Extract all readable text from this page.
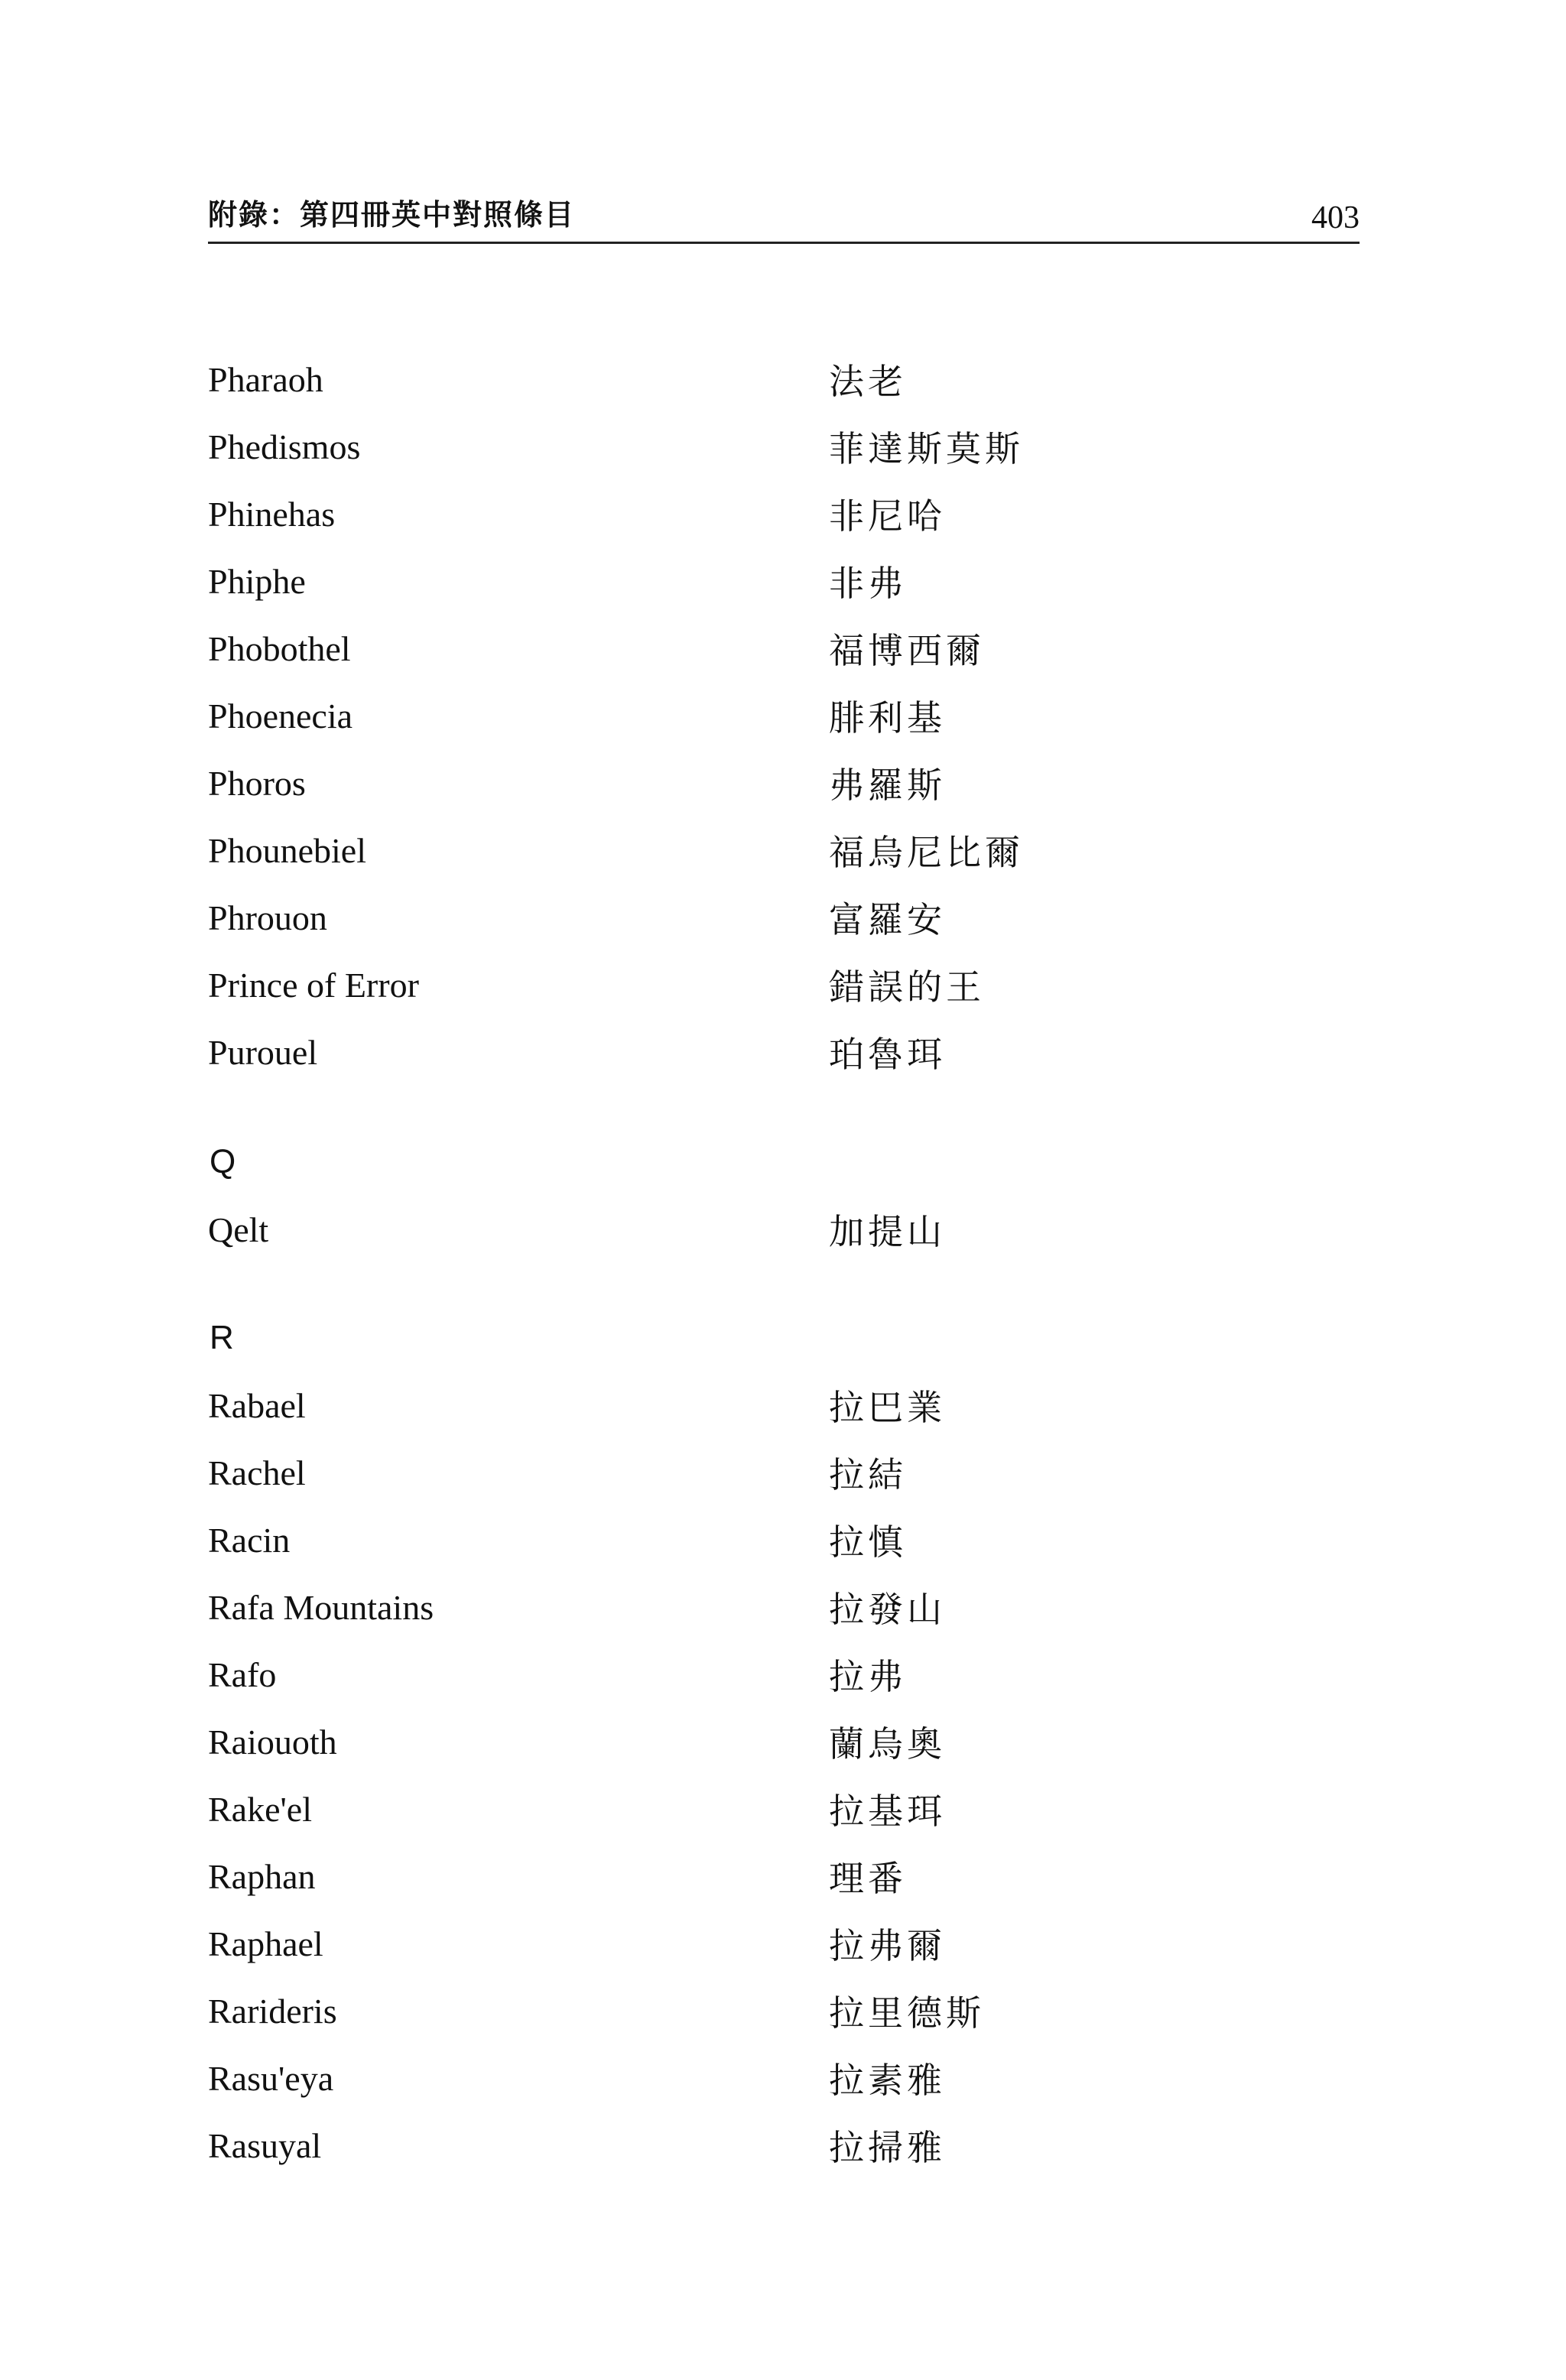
附錄：第四冊英中對照條目	403
Pharaoh	法老
Phedismos	菲達斯莫斯
Phinehas	非尼哈
Phiphe	非弗
Phobothel	福博西爾
Phoenecia	腓利基
Phoros	弗羅斯
Phounebiel	福烏尼比爾
Phrouon	富羅安
Prince of Error	錯誤的王
Purouel	珀魯珥
Q
Qelt	加提山
R
Rabael	拉巴業
Rachel	拉結
Racin	拉慎
Rafa Mountains	拉發山
Rafo	拉弗
Raiouoth	蘭烏奧
Rake'el	拉基珥
Raphan	理番
Raphael	拉弗爾
Rarideris	拉里德斯
Rasu'eya	拉素雅
Rasuyal	拉掃雅
